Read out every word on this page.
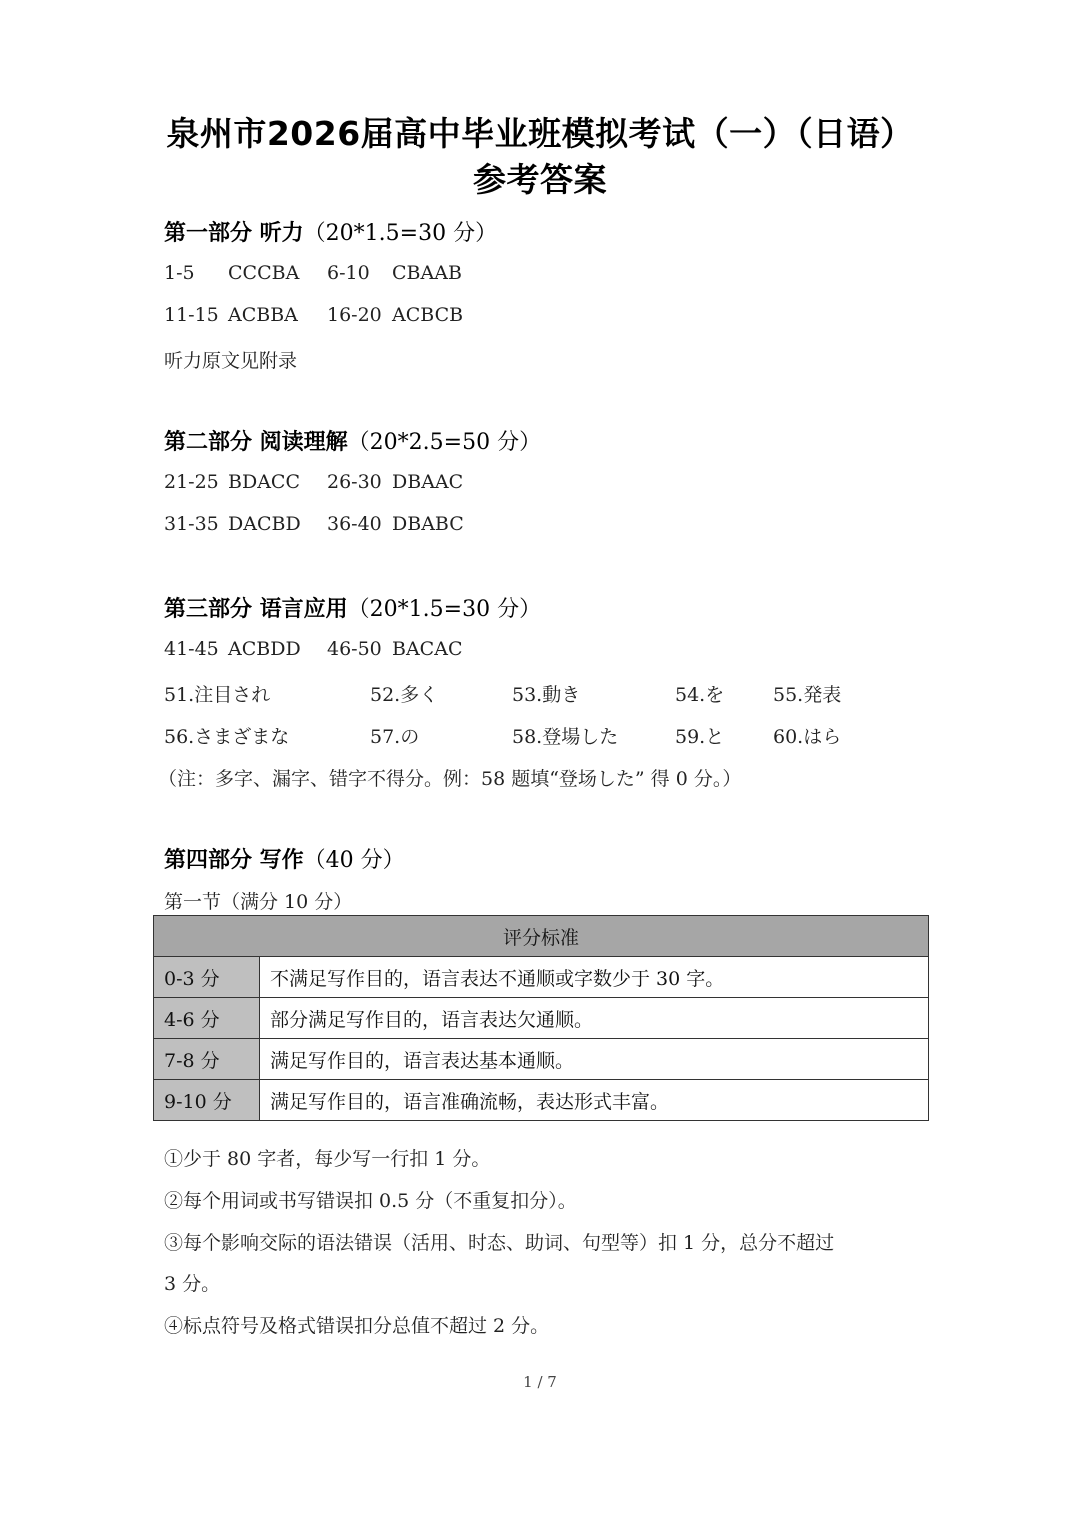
泉州市2026届高中毕业班模拟考试（一）（日语）
参考答案
第一部分 听力（20*1.5=30 分）
1-5 CCCBA 6-10 CBAAB
11-15 ACBBA 16-20 ACBCB
听力原文见附录
第二部分 阅读理解（20*2.5=50 分）
21-25 BDACC 26-30 DBAAC
31-35 DACBD 36-40 DBABC
第三部分 语言应用（20*1.5=30 分）
41-45 ACBDD 46-50 BACAC
51.注目され	52.多く	53.動き	54.を	55.発表
56.さまざまな	57.の	58.登場した	59.と	60.はら
（注：多字、漏字、错字不得分。例：58 题填“登场した” 得 0 分。）
第四部分 写作（40 分）
第一节（满分 10 分）
评分标准	
0-3 分	不满足写作目的，语言表达不通顺或字数少于 30 字。
4-6 分	部分满足写作目的，语言表达欠通顺。
7-8 分	满足写作目的，语言表达基本通顺。
9-10 分	满足写作目的，语言准确流畅，表达形式丰富。
①少于 80 字者，每少写一行扣 1 分。
②每个用词或书写错误扣 0.5 分（不重复扣分）。
③每个影响交际的语法错误（活用、时态、助词、句型等）扣 1 分，总分不超过
3 分。
④标点符号及格式错误扣分总值不超过 2 分。
1 / 7
